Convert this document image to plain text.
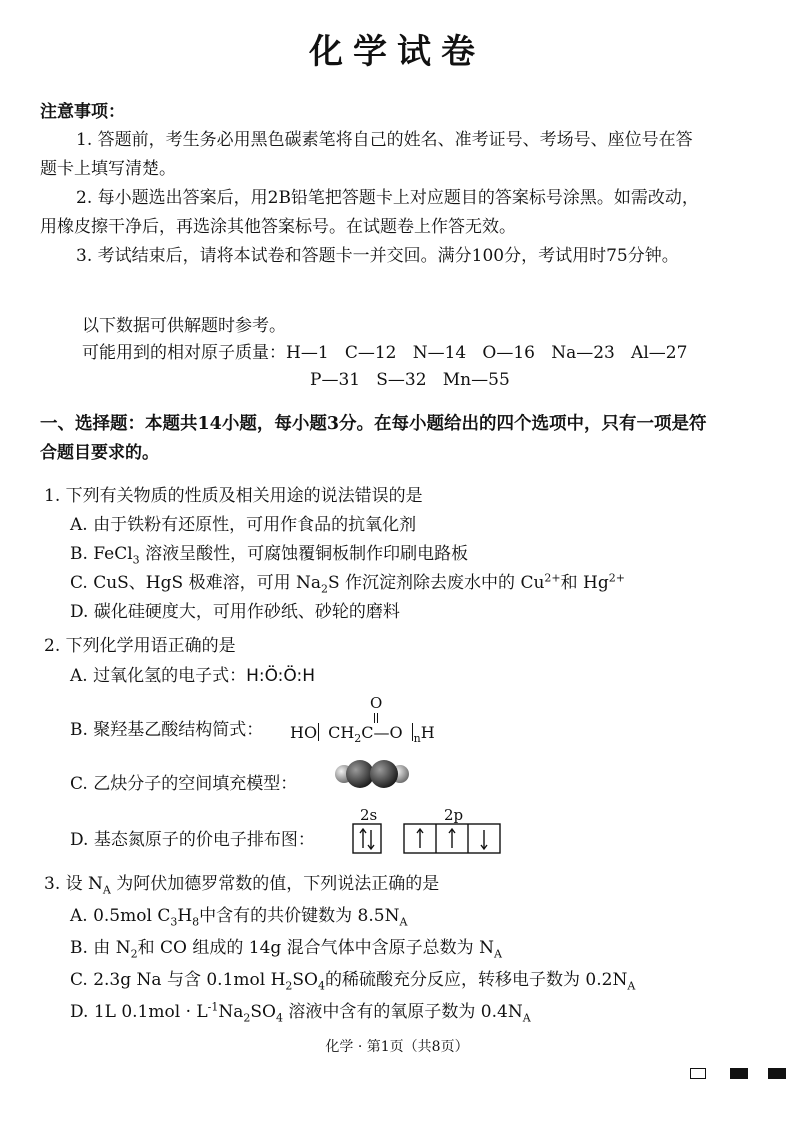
化学试卷
注意事项：
1. 答题前，考生务必用黑色碳素笔将自己的姓名、准考证号、考场号、座位号在答
题卡上填写清楚。
2. 每小题选出答案后，用2B铅笔把答题卡上对应题目的答案标号涂黑。如需改动，
用橡皮擦干净后，再选涂其他答案标号。在试题卷上作答无效。
3. 考试结束后，请将本试卷和答题卡一并交回。满分100分，考试用时75分钟。
以下数据可供解题时参考。
可能用到的相对原子质量：H—1   C—12   N—14   O—16   Na—23   Al—27
P—31   S—32   Mn—55
一、选择题：本题共14小题，每小题3分。在每小题给出的四个选项中，只有一项是符
合题目要求的。
1. 下列有关物质的性质及相关用途的说法错误的是
A. 由于铁粉有还原性，可用作食品的抗氧化剂
B. FeCl$_3$ 溶液呈酸性，可腐蚀覆铜板制作印刷电路板
C. CuS、HgS 极难溶，可用 $Na_2S$ 作沉淀剂除去废水中的 $Cu^{2+}$和 $Hg^{2+}$
D. 碳化硅硬度大，可用作砂纸、砂轮的磨料
2. 下列化学用语正确的是
A. 过氧化氢的电子式：H:Ö:Ö:H
B. 聚羟基乙酸结构简式：
O
HO $CH_2C—O$ $_n$H
C. 乙炔分子的空间填充模型：
D. 基态氮原子的价电子排布图：
2s	2p
3. 设 $N_A$ 为阿伏加德罗常数的值，下列说法正确的是
A. 0.5mol $C_3H_8$中含有的共价键数为 $8.5N_A$
B. 由 $N_2$和 CO 组成的 14g 混合气体中含原子总数为 $N_A$
C. 2.3g Na 与含 0.1mol $H_2SO_4$的稀硫酸充分反应，转移电子数为 $0.2N_A$
D. 1L $0.1mol \cdot L^{-1}Na_2SO_4$ 溶液中含有的氧原子数为 $0.4N_A$
化学 · 第1页（共8页）
